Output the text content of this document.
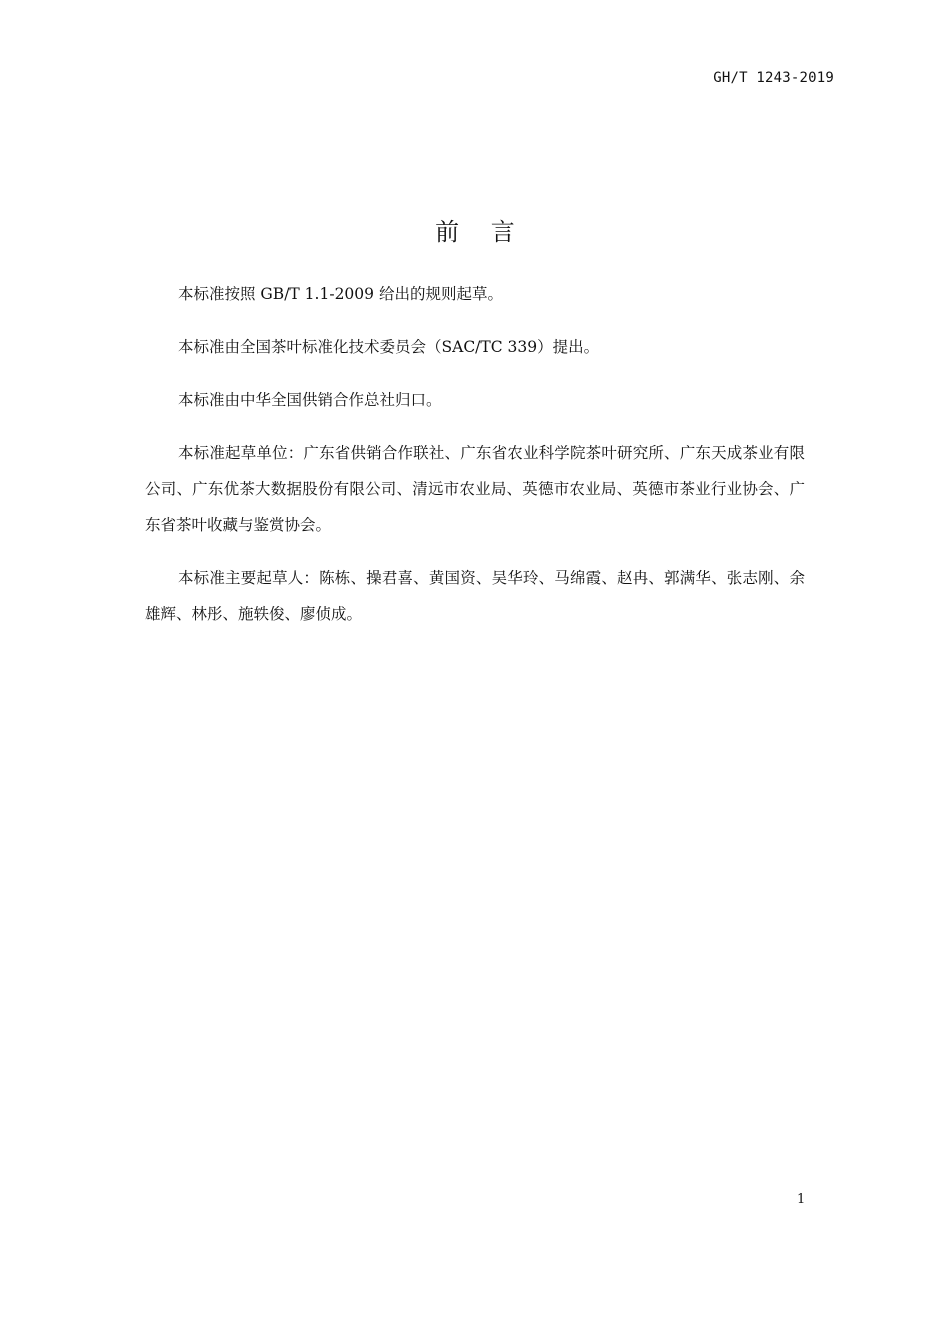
GH/T 1243-2019
前 言

本标准按照 GB/T 1.1-2009 给出的规则起草。

本标准由全国茶叶标准化技术委员会（SAC/TC 339）提出。

本标准由中华全国供销合作总社归口。

本标准起草单位：广东省供销合作联社、广东省农业科学院茶叶研究所、广东天成茶业有限公司、广东优茶大数据股份有限公司、清远市农业局、英德市农业局、英德市茶业行业协会、广东省茶叶收藏与鉴赏协会。

本标准主要起草人：陈栋、操君喜、黄国资、吴华玲、马绵霞、赵冉、郭满华、张志刚、余雄辉、林彤、施轶俊、廖侦成。

1
